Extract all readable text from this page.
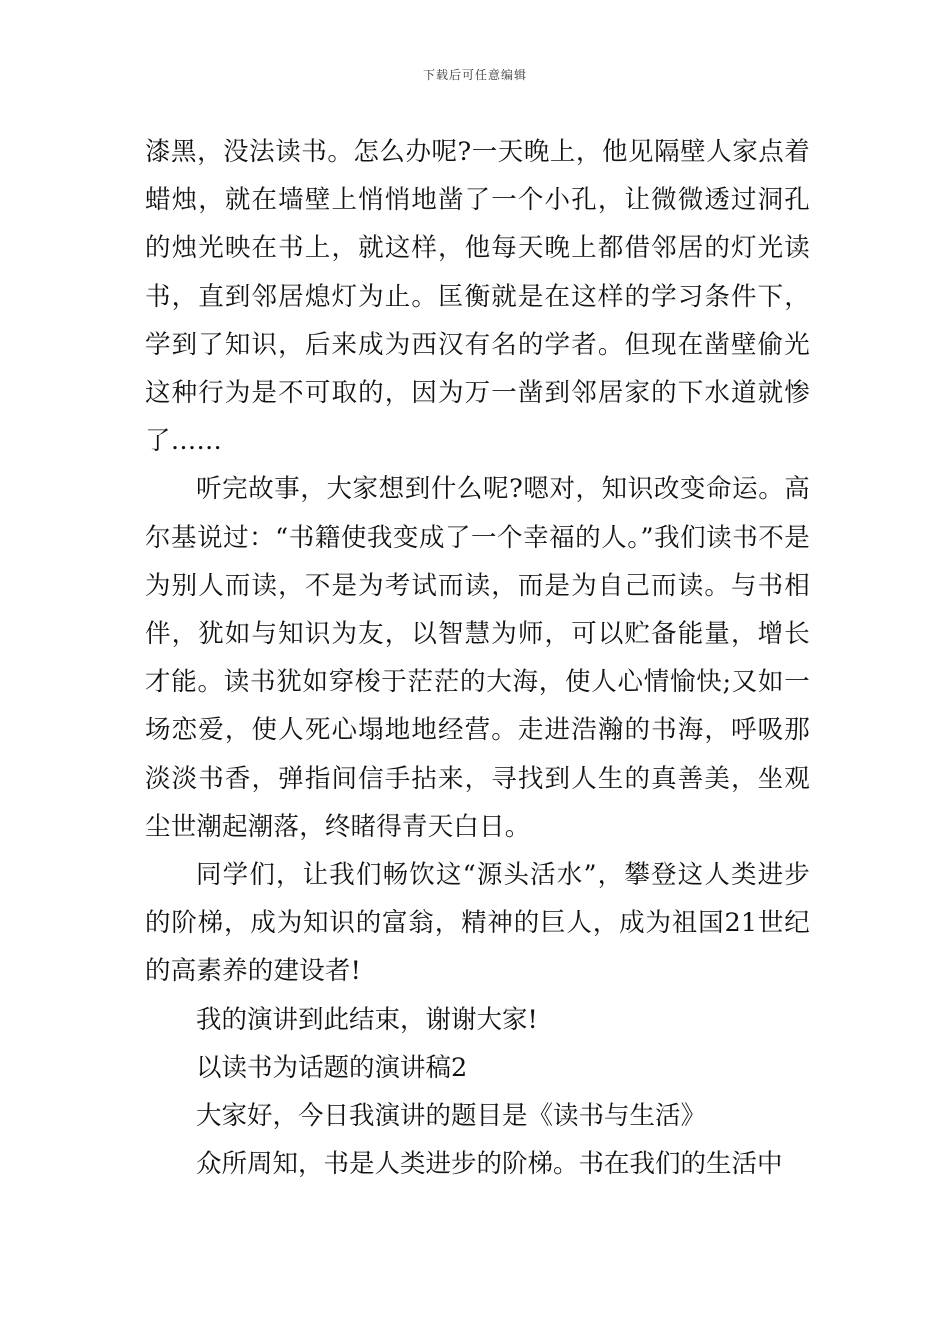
下载后可任意编辑

漆黑，没法读书。怎么办呢?一天晚上，他见隔壁人家点着蜡烛，就在墙壁上悄悄地凿了一个小孔，让微微透过洞孔的烛光映在书上，就这样，他每天晚上都借邻居的灯光读书，直到邻居熄灯为止。匡衡就是在这样的学习条件下，学到了知识，后来成为西汉有名的学者。但现在凿壁偷光这种行为是不可取的，因为万一凿到邻居家的下水道就惨了……

听完故事，大家想到什么呢?嗯对，知识改变命运。高尔基说过：“书籍使我变成了一个幸福的人。”我们读书不是为别人而读，不是为考试而读，而是为自己而读。与书相伴，犹如与知识为友，以智慧为师，可以贮备能量，增长才能。读书犹如穿梭于茫茫的大海，使人心情愉快;又如一场恋爱，使人死心塌地地经营。走进浩瀚的书海，呼吸那淡淡书香，弹指间信手拈来，寻找到人生的真善美，坐观尘世潮起潮落，终睹得青天白日。

同学们，让我们畅饮这“源头活水”，攀登这人类进步的阶梯，成为知识的富翁，精神的巨人，成为祖国21世纪的高素养的建设者!

我的演讲到此结束，谢谢大家!

以读书为话题的演讲稿2

大家好，今日我演讲的题目是《读书与生活》

众所周知，书是人类进步的阶梯。书在我们的生活中
